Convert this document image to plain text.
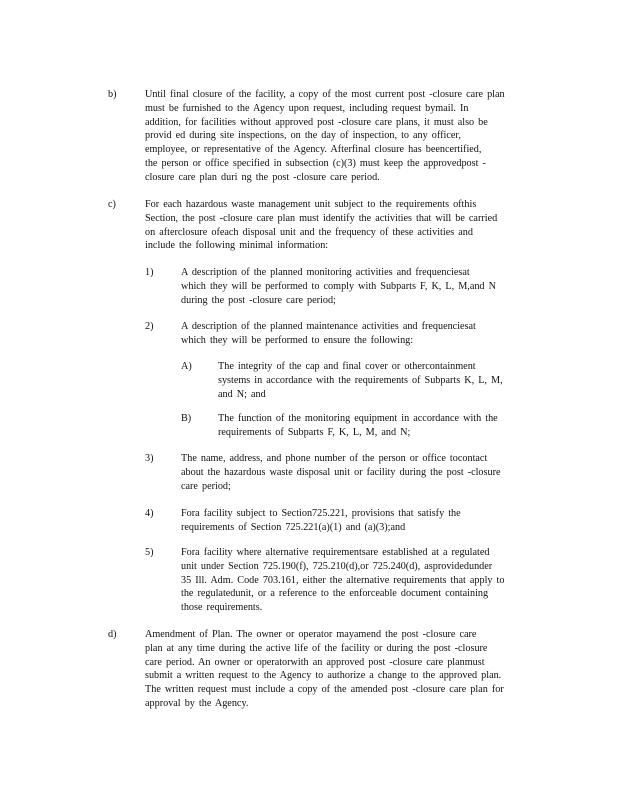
b)	Until final closure of the facility, a copy of the most current post -closure care plan
must be furnished to the Agency upon request, including request bymail. In
addition, for facilities without approved post -closure care plans, it must also be
provid ed during site inspections, on the day of inspection, to any officer,
employee, or representative of the Agency. Afterfinal closure has beencertified,
the person or office specified in subsection (c)(3) must keep the approvedpost -
closure care plan duri ng the post -closure care period.
c)	For each hazardous waste management unit subject to the requirements ofthis
Section, the post -closure care plan must identify the activities that will be carried
on afterclosure ofeach disposal unit and the frequency of these activities and
include the following minimal information:
1)	A description of the planned monitoring activities and frequenciesat
which they will be performed to comply with Subparts F, K, L, M,and N
during the post -closure care period;
2)	A description of the planned maintenance activities and frequenciesat
which they will be performed to ensure the following:
A)	The integrity of the cap and final cover or othercontainment
systems in accordance with the requirements of Subparts K, L, M,
and N; and
B)	The function of the monitoring equipment in accordance with the
requirements of Subparts F, K, L, M, and N;
3)	The name, address, and phone number of the person or office tocontact
about the hazardous waste disposal unit or facility during the post -closure
care period;
4)	Fora facility subject to Section725.221, provisions that satisfy the
requirements of Section 725.221(a)(1) and (a)(3);and
5)	Fora facility where alternative requirementsare established at a regulated
unit under Section 725.190(f), 725.210(d),or 725.240(d), asprovidedunder
35 Ill. Adm. Code 703.161, either the alternative requirements that apply to
the regulatedunit, or a reference to the enforceable document containing
those requirements.
d)	Amendment of Plan. The owner or operator mayamend the post -closure care
plan at any time during the active life of the facility or during the post -closure
care period. An owner or operatorwith an approved post -closure care planmust
submit a written request to the Agency to authorize a change to the approved plan.
The written request must include a copy of the amended post -closure care plan for
approval by the Agency.
